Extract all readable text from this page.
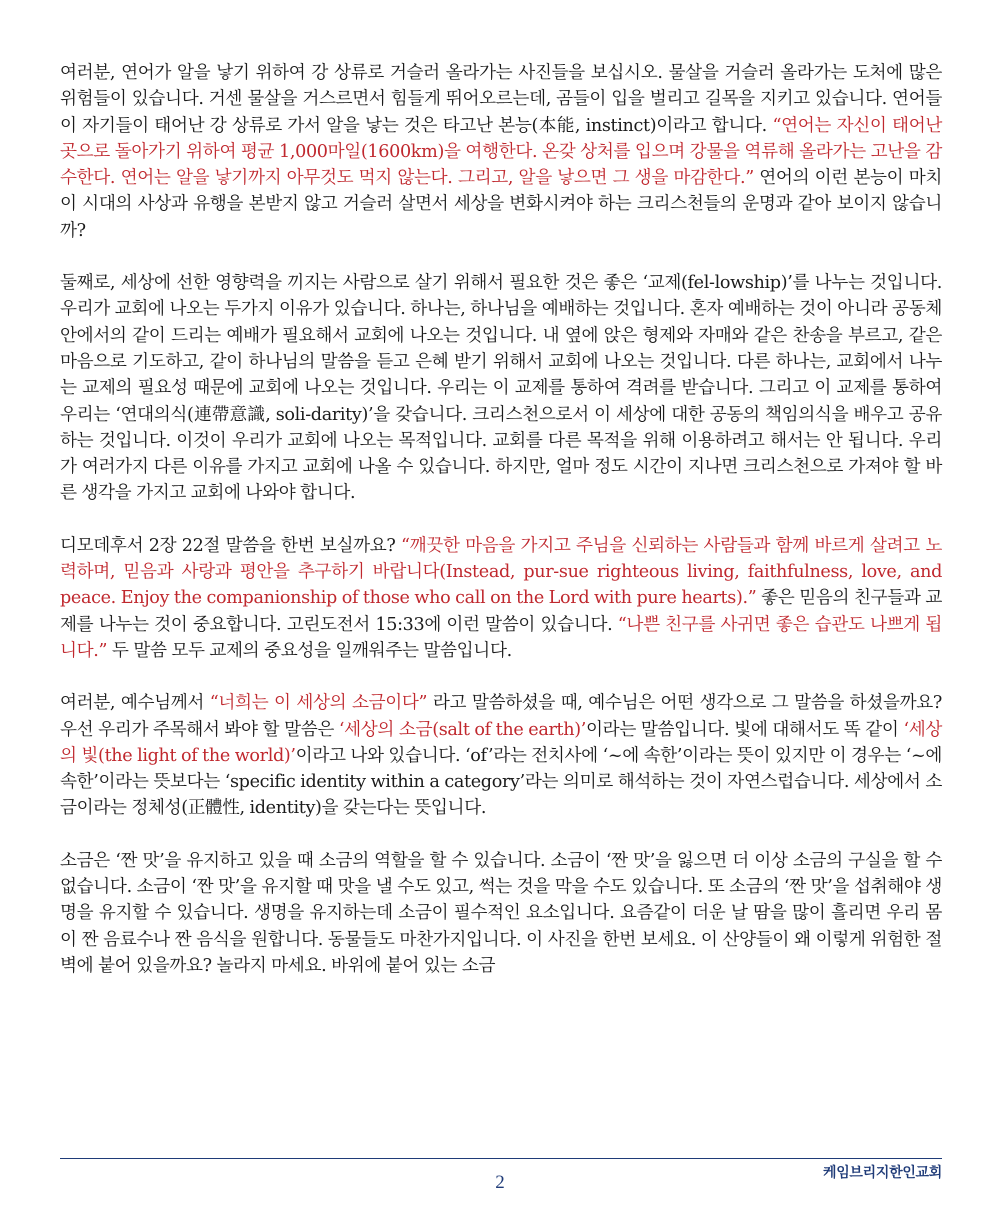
여러분, 연어가 알을 낳기 위하여 강 상류로 거슬러 올라가는 사진들을 보십시오. 물살을 거슬러 올라가는 도처에 많은 위험들이 있습니다. 거센 물살을 거스르면서 힘들게 뛰어오르는데, 곰들이 입을 벌리고 길목을 지키고 있습니다. 연어들이 자기들이 태어난 강 상류로 가서 알을 낳는 것은 타고난 본능(本能, instinct)이라고 합니다. “연어는 자신이 태어난 곳으로 돌아가기 위하여 평균 1,000마일(1600km)을 여행한다. 온갖 상처를 입으며 강물을 역류해 올라가는 고난을 감수한다. 연어는 알을 낳기까지 아무것도 먹지 않는다. 그리고, 알을 낳으면 그 생을 마감한다.” 연어의 이런 본능이 마치 이 시대의 사상과 유행을 본받지 않고 거슬러 살면서 세상을 변화시켜야 하는 크리스천들의 운명과 같아 보이지 않습니까?

둘째로, 세상에 선한 영향력을 끼지는 사람으로 살기 위해서 필요한 것은 좋은 ‘교제(fel-lowship)’를 나누는 것입니다. 우리가 교회에 나오는 두가지 이유가 있습니다. 하나는, 하나님을 예배하는 것입니다. 혼자 예배하는 것이 아니라 공동체 안에서의 같이 드리는 예배가 필요해서 교회에 나오는 것입니다. 내 옆에 앉은 형제와 자매와 같은 찬송을 부르고, 같은 마음으로 기도하고, 같이 하나님의 말씀을 듣고 은혜 받기 위해서 교회에 나오는 것입니다. 다른 하나는, 교회에서 나누는 교제의 필요성 때문에 교회에 나오는 것입니다. 우리는 이 교제를 통하여 격려를 받습니다. 그리고 이 교제를 통하여 우리는 ‘연대의식(連帶意識, soli-darity)’을 갖습니다. 크리스천으로서 이 세상에 대한 공동의 책임의식을 배우고 공유하는 것입니다. 이것이 우리가 교회에 나오는 목적입니다. 교회를 다른 목적을 위해 이용하려고 해서는 안 됩니다. 우리가 여러가지 다른 이유를 가지고 교회에 나올 수 있습니다. 하지만, 얼마 정도 시간이 지나면 크리스천으로 가져야 할 바른 생각을 가지고 교회에 나와야 합니다.

디모데후서 2장 22절 말씀을 한번 보실까요? “깨끗한 마음을 가지고 주님을 신뢰하는 사람들과 함께 바르게 살려고 노력하며, 믿음과 사랑과 평안을 추구하기 바랍니다(Instead, pur-sue righteous living, faithfulness, love, and peace. Enjoy the companionship of those who call on the Lord with pure hearts).” 좋은 믿음의 친구들과 교제를 나누는 것이 중요합니다. 고린도전서 15:33에 이런 말씀이 있습니다. “나쁜 친구를 사귀면 좋은 습관도 나쁘게 됩니다.” 두 말씀 모두 교제의 중요성을 일깨워주는 말씀입니다.

여러분, 예수님께서 “너희는 이 세상의 소금이다” 라고 말씀하셨을 때, 예수님은 어떤 생각으로 그 말씀을 하셨을까요? 우선 우리가 주목해서 봐야 할 말씀은 ‘세상의 소금(salt of the earth)’이라는 말씀입니다. 빛에 대해서도 똑 같이 ‘세상의 빛(the light of the world)’이라고 나와 있습니다. ‘of’라는 전치사에 ‘~에 속한’이라는 뜻이 있지만 이 경우는 ‘~에 속한’이라는 뜻보다는 ‘specific identity within a category’라는 의미로 해석하는 것이 자연스럽습니다. 세상에서 소금이라는 정체성(正體性, identity)을 갖는다는 뜻입니다.

소금은 ‘짠 맛’을 유지하고 있을 때 소금의 역할을 할 수 있습니다. 소금이 ‘짠 맛’을 잃으면 더 이상 소금의 구실을 할 수 없습니다. 소금이 ‘짠 맛’을 유지할 때 맛을 낼 수도 있고, 썩는 것을 막을 수도 있습니다. 또 소금의 ‘짠 맛’을 섭취해야 생명을 유지할 수 있습니다. 생명을 유지하는데 소금이 필수적인 요소입니다. 요즘같이 더운 날 땀을 많이 흘리면 우리 몸이 짠 음료수나 짠 음식을 원합니다. 동물들도 마찬가지입니다. 이 사진을 한번 보세요. 이 산양들이 왜 이렇게 위험한 절벽에 붙어 있을까요? 놀라지 마세요. 바위에 붙어 있는 소금

2	케임브리지한인교회
